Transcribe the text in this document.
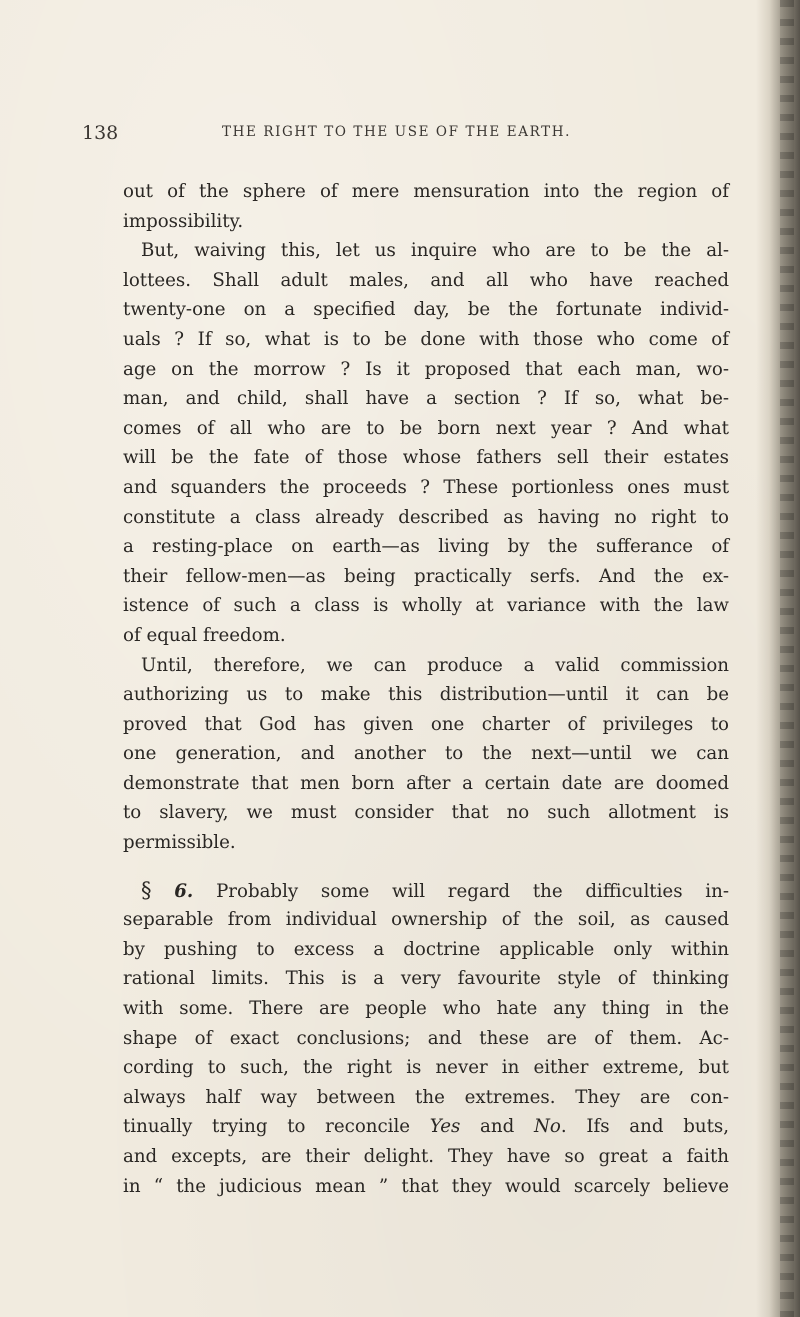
138	THE RIGHT TO THE USE OF THE EARTH.
out of the sphere of mere mensuration into the region of
impossibility.
But, waiving this, let us inquire who are to be the al-
lottees. Shall adult males, and all who have reached
twenty-one on a specified day, be the fortunate individ-
uals ? If so, what is to be done with those who come of
age on the morrow ? Is it proposed that each man, wo-
man, and child, shall have a section ? If so, what be-
comes of all who are to be born next year ? And what
will be the fate of those whose fathers sell their estates
and squanders the proceeds ? These portionless ones must
constitute a class already described as having no right to
a resting-place on earth—as living by the sufferance of
their fellow-men—as being practically serfs. And the ex-
istence of such a class is wholly at variance with the law
of equal freedom.
Until, therefore, we can produce a valid commission
authorizing us to make this distribution—until it can be
proved that God has given one charter of privileges to
one generation, and another to the next—until we can
demonstrate that men born after a certain date are doomed
to slavery, we must consider that no such allotment is
permissible.
§ 6. Probably some will regard the difficulties in-
separable from individual ownership of the soil, as caused
by pushing to excess a doctrine applicable only within
rational limits. This is a very favourite style of thinking
with some. There are people who hate any thing in the
shape of exact conclusions; and these are of them. Ac-
cording to such, the right is never in either extreme, but
always half way between the extremes. They are con-
tinually trying to reconcile Yes and No. Ifs and buts,
and excepts, are their delight. They have so great a faith
in “ the judicious mean ” that they would scarcely believe
